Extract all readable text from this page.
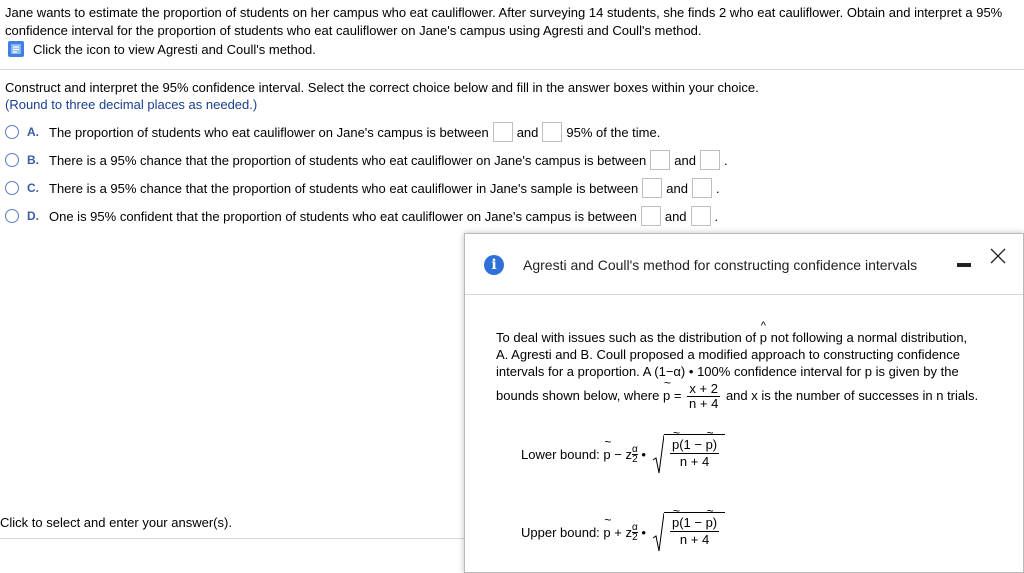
Jane wants to estimate the proportion of students on her campus who eat cauliflower. After surveying 14 students, she finds 2 who eat cauliflower. Obtain and interpret a 95% confidence interval for the proportion of students who eat cauliflower on Jane's campus using Agresti and Coull's method.
Click the icon to view Agresti and Coull's method.
Construct and interpret the 95% confidence interval. Select the correct choice below and fill in the answer boxes within your choice.
(Round to three decimal places as needed.)
A. The proportion of students who eat cauliflower on Jane's campus is between and 95% of the time.
B. There is a 95% chance that the proportion of students who eat cauliflower on Jane's campus is between and .
C. There is a 95% chance that the proportion of students who eat cauliflower in Jane's sample is between and .
D. One is 95% confident that the proportion of students who eat cauliflower on Jane's campus is between and .
Click to select and enter your answer(s).
i	Agresti and Coull's method for constructing confidence intervals
To deal with issues such as the distribution of ^ p not following a normal distribution,
A. Agresti and B. Coull proposed a modified approach to constructing confidence
intervals for a proportion. A (1−α) • 100% confidence interval for p is given by the
bounds shown below, where ~ $p = \frac{x + 2}{n + 4}$ and x is the number of successes in n trials.
Lower bound:
~ p
−
z α
2
• ~ $\frac{p(1 - \sim p)}{n + 4}$
Upper bound:
~ p
+
z α
2
• ~ $\frac{p(1 - \sim p)}{n + 4}$
